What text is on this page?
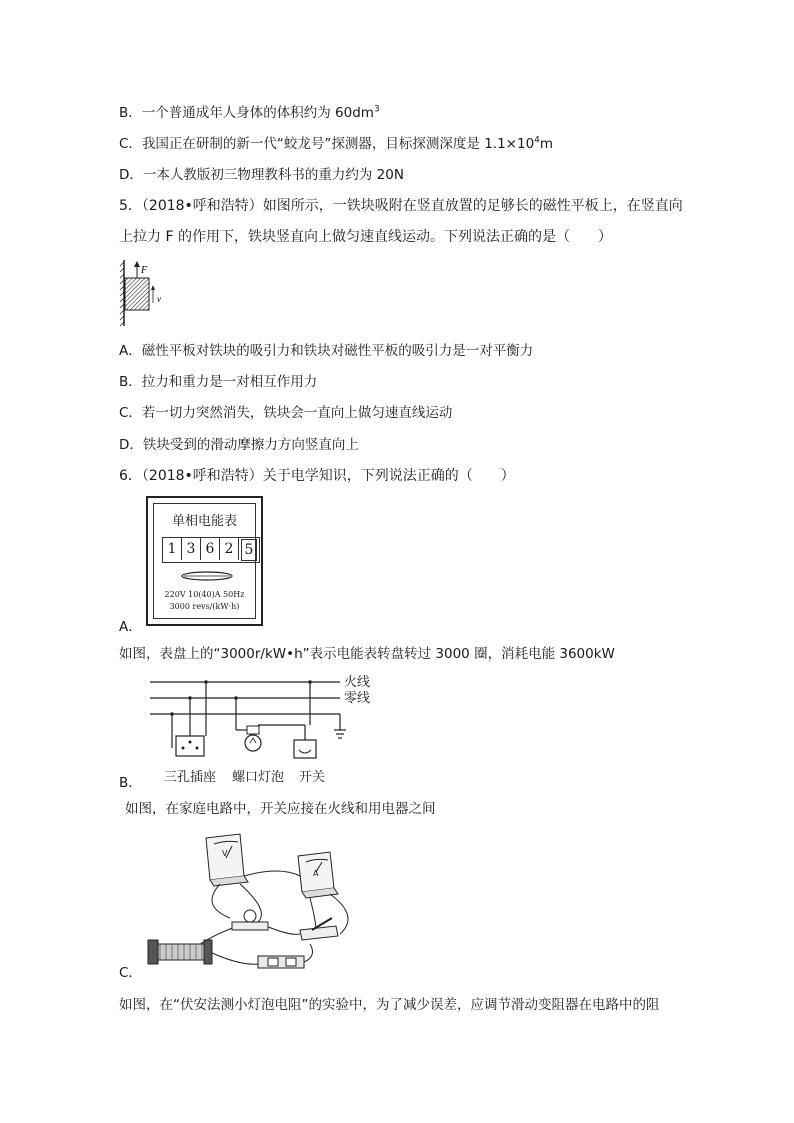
B．一个普通成年人身体的体积约为 $60dm^3$
C．我国正在研制的新一代“蛟龙号”探测器，目标探测深度是 $1.1\times 10^4m$
D．一本人教版初三物理教科书的重力约为 20N
5．（2018•呼和浩特）如图所示，一铁块吸附在竖直放置的足够长的磁性平板上，在竖直向
上拉力 F 的作用下，铁块竖直向上做匀速直线运动。下列说法正确的是（　　）
F
v
A．磁性平板对铁块的吸引力和铁块对磁性平板的吸引力是一对平衡力
B．拉力和重力是一对相互作用力
C．若一切力突然消失，铁块会一直向上做匀速直线运动
D．铁块受到的滑动摩擦力方向竖直向上
6．（2018•呼和浩特）关于电学知识，下列说法正确的（　　）
单相电能表
1 3 6 2 5
220V 10(40)A 50Hz
3000 revs/(kW·h)
A．
如图，表盘上的“3000r/kW•h”表示电能表转盘转过 3000 圈，消耗电能 3600kW
火线
零线
三孔插座 螺口灯泡 开关
B．
如图，在家庭电路中，开关应接在火线和用电器之间
V
A
C．
如图，在“伏安法测小灯泡电阻”的实验中，为了减少误差，应调节滑动变阻器在电路中的阻
